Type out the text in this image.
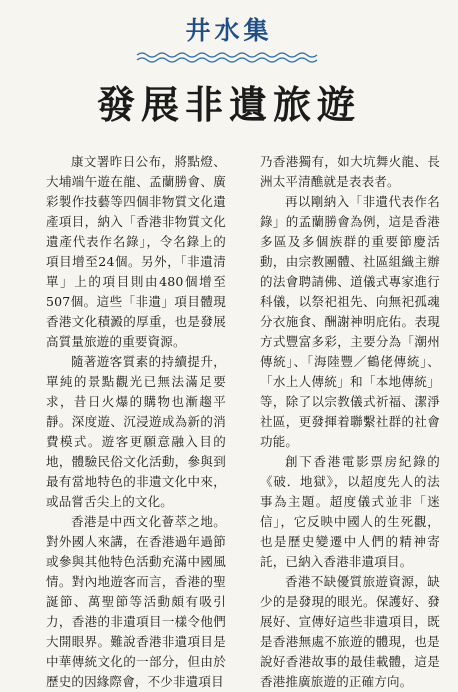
井水集
發展非遺旅遊

康文署昨日公布，將點燈、大埔端午遊在龍、孟蘭勝會、廣彩製作技藝等四個非物質文化遺產項目，納入「香港非物質文化遺產代表作名錄」，令名錄上的項目增至24個。另外，「非遺清單」上的項目則由480個增至507個。這些「非遺」項目體現香港文化積澱的厚重，也是發展高質量旅遊的重要資源。

隨著遊客質素的持續提升，單純的景點觀光已無法滿足要求，昔日火爆的購物也漸趨平靜。深度遊、沉浸遊成為新的消費模式。遊客更願意融入目的地，體驗民俗文化活動，參與到最有當地特色的非遺文化中來，或品嘗舌尖上的文化。

香港是中西文化薈萃之地。對外國人來講，在香港過年過節或參與其他特色活動充滿中國風情。對內地遊客而言，香港的聖誕節、萬聖節等活動頗有吸引力，香港的非遺項目一樣令他們大開眼界。難說香港非遺項目是中華傳統文化的一部分，但由於歷史的因緣際會，不少非遺項目

乃香港獨有，如大坑舞火龍、長洲太平清醮就是表表者。

再以剛納入「非遺代表作名錄」的孟蘭勝會為例，這是香港多區及多個族群的重要節慶活動，由宗教團體、社區組織主辦的法會聘請佛、道儀式專家進行科儀，以祭祀祖先、向無祀孤魂分衣施食、酬謝神明庇佑。表現方式豐富多彩，主要分為「潮州傳統」、「海陸豐／鶴佬傳統」、「水上人傳統」和「本地傳統」等，除了以宗教儀式祈福、潔淨社區，更發揮着聯繫社群的社會功能。

創下香港電影票房紀錄的《破．地獄》，以超度先人的法事為主題。超度儀式並非「迷信」，它反映中國人的生死觀，也是歷史變遷中人們的精神寄託，已納入香港非遺項目。

香港不缺優質旅遊資源，缺少的是發現的眼光。保護好、發展好、宣傳好這些非遺項目，既是香港無處不旅遊的體現，也是說好香港故事的最佳載體，這是香港推廣旅遊的正確方向。
